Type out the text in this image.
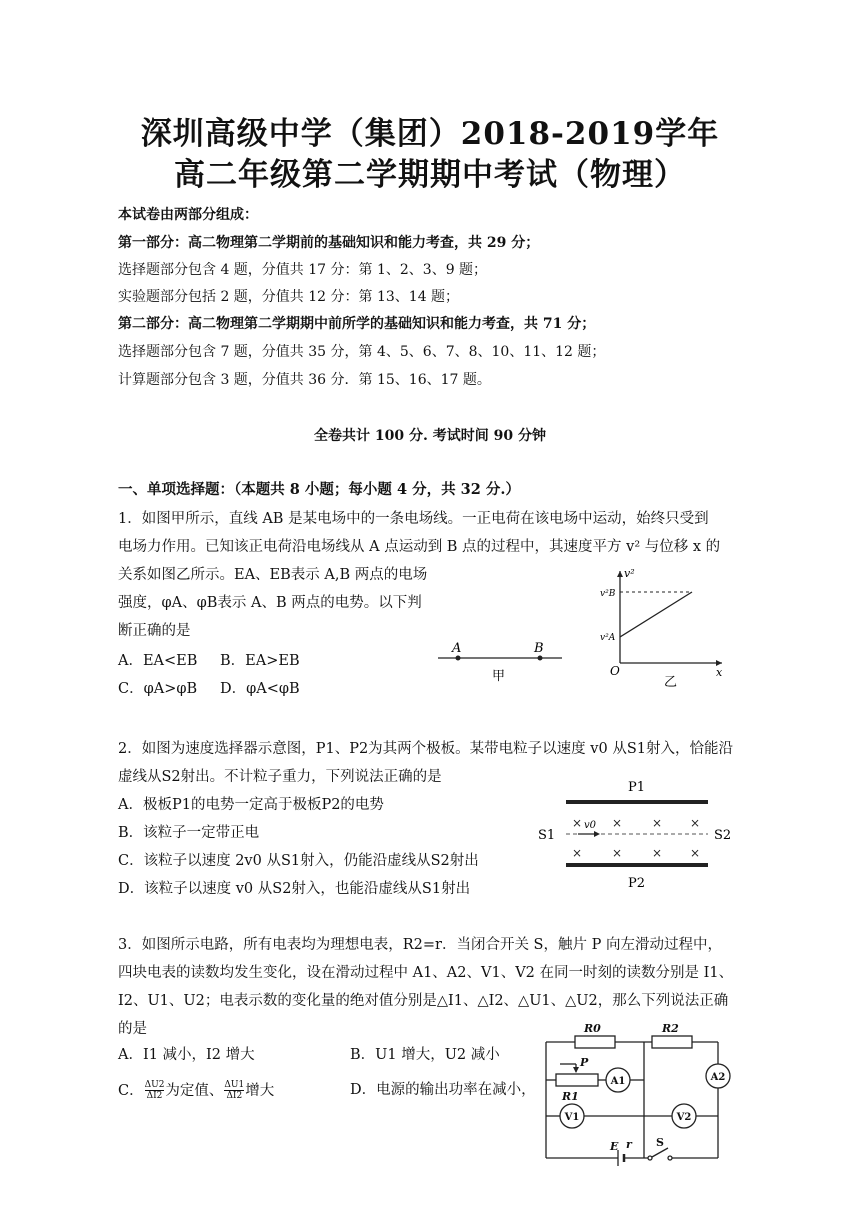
深圳高级中学（集团）2018-2019学年
高二年级第二学期期中考试（物理）
本试卷由两部分组成：
第一部分：高二物理第二学期前的基础知识和能力考查，共 29 分；
选择题部分包含 4 题，分值共 17 分：第 1、2、3、9 题；
实验题部分包括 2 题，分值共 12 分：第 13、14 题；
第二部分：高二物理第二学期期中前所学的基础知识和能力考查，共 71 分；
选择题部分包含 7 题，分值共 35 分，第 4、5、6、7、8、10、11、12 题；
计算题部分包含 3 题，分值共 36 分．第 15、16、17 题。
全卷共计 100 分. 考试时间 90 分钟
一、单项选择题：（本题共 8 小题；每小题 4 分，共 32 分.）
1．如图甲所示，直线 AB 是某电场中的一条电场线。一正电荷在该电场中运动，始终只受到
电场力作用。已知该正电荷沿电场线从 A 点运动到 B 点的过程中，其速度平方 v² 与位移 x 的
关系如图乙所示。EA、EB表示 A,B 两点的电场
强度，φA、φB表示 A、B 两点的电势。以下判
断正确的是
A．EA<EB B．EA>EB
C．φA>φB D．φA<φB
A	B
甲
v²
x
O
v²B
v²A
乙
2．如图为速度选择器示意图，P1、P2为其两个极板。某带电粒子以速度 v0 从S1射入，恰能沿
虚线从S2射出。不计粒子重力，下列说法正确的是
A．极板P1的电势一定高于极板P2的电势
B．该粒子一定带正电
C．该粒子以速度 2v0 从S1射入，仍能沿虚线从S2射出
D．该粒子以速度 v0 从S2射入，也能沿虚线从S1射出
× × × ×
× × × ×
P1
P2
S1	S2
v0
3．如图所示电路，所有电表均为理想电表，R2=r．当闭合开关 S，触片 P 向左滑动过程中，
四块电表的读数均发生变化，设在滑动过程中 A1、A2、V1、V2 在同一时刻的读数分别是 I1、
I2、U1、U2；电表示数的变化量的绝对值分别是△I1、△I2、△U1、△U2，那么下列说法正确
的是
A．I1 减小，I2 增大	B．U1 增大，U2 减小
C． $\frac{\Delta U2}{\Delta I2}$ 为定值、 $\frac{\Delta U1}{\Delta I2}$ 增大	D．电源的输出功率在减小，
R0	R2
R1
P
E r S
A1	A2
V1	V2
